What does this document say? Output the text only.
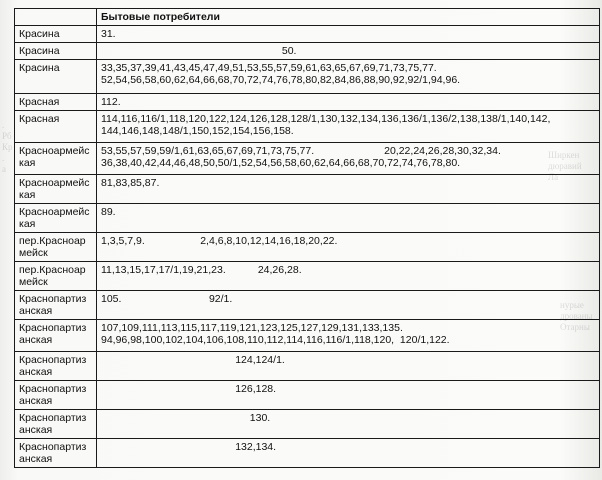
.
Рб
Кр
.
а
Ширкен
дюравий
Ла
нурые
дрованы
Отарны
	Бытовые потребители
Красина	31.

Красина	50.

Красина	33,35,37,39,41,43,45,47,49,51,53,55,57,59,61,63,65,67,69,71,73,75,77.
52,54,56,58,60,62,64,66,68,70,72,74,76,78,80,82,84,86,88,90,92,92/1,94,96.

Красная	112.

Красная	114,116,116/1,118,120,122,124,126,128,128/1,130,132,134,136,136/1,136/2,138,138/1,140,142,
144,146,148,148/1,150,152,154,156,158.

Красноармейская	53,55,57,59,59/1,61,63,65,67,69,71,73,75,77.                        20,22,24,26,28,30,32,34.
36,38,40,42,44,46,48,50,50/1,52,54,56,58,60,62,64,66,68,70,72,74,76,78,80.

Красноармейская	81,83,85,87.

Красноармейская	89.

пер.Красноармейск	1,3,5,7,9.                   2,4,6,8,10,12,14,16,18,20,22.

пер.Красноармейск	11,13,15,17,17/1,19,21,23.           24,26,28.

Краснопартизанская	105.                              92/1.

Краснопартизанская	107,109,111,113,115,117,119,121,123,125,127,129,131,133,135.
94,96,98,100,102,104,106,108,110,112,114,116,116/1,118,120,  120/1,122.

Краснопартизанская	124,124/1.

Краснопартизанская	126,128.

Краснопартизанская	130.

Краснопартизанская	132,134.
